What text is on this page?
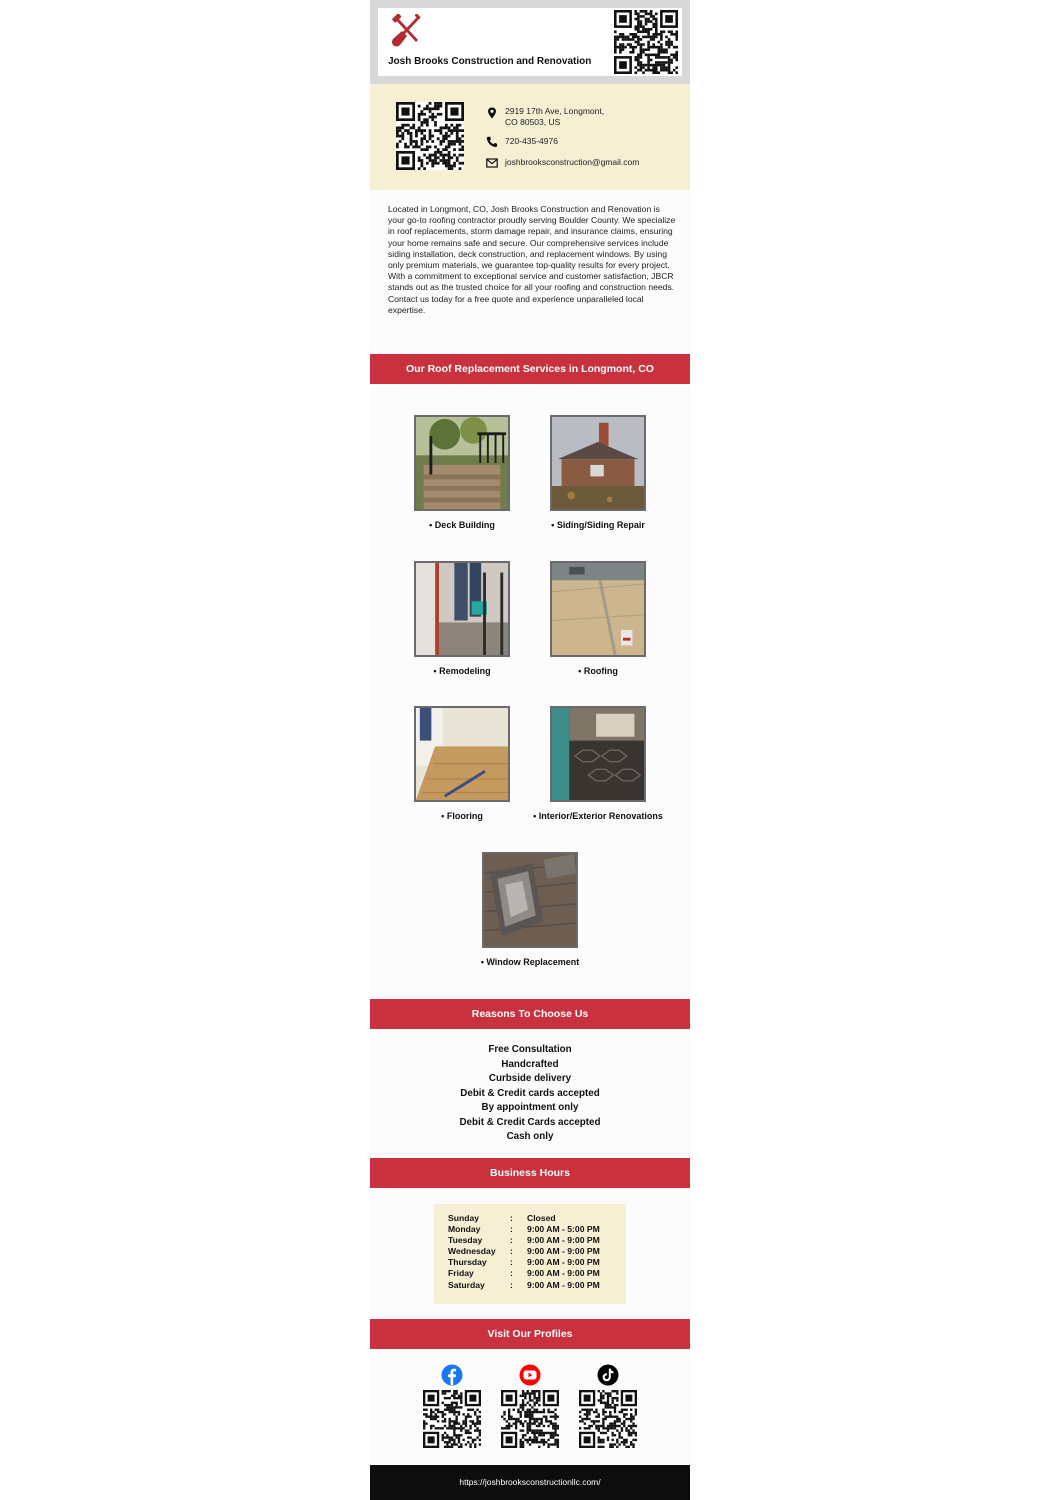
Josh Brooks Construction and Renovation
2919 17th Ave, Longmont,
CO 80503, US
720-435-4976
joshbrooksconstruction@gmail.com

Located in Longmont, CO, Josh Brooks Construction and Renovation is your go-to roofing contractor proudly serving Boulder County. We specialize in roof replacements, storm damage repair, and insurance claims, ensuring your home remains safe and secure. Our comprehensive services include siding installation, deck construction, and replacement windows. By using only premium materials, we guarantee top-quality results for every project. With a commitment to exceptional service and customer satisfaction, JBCR stands out as the trusted choice for all your roofing and construction needs. Contact us today for a free quote and experience unparalleled local expertise.

Our Roof Replacement Services in Longmont, CO
• Deck Building	• Siding/Siding Repair
• Remodeling	• Roofing
• Flooring	• Interior/Exterior Renovations
• Window Replacement
Reasons To Choose Us
Free Consultation
Handcrafted
Curbside delivery
Debit & Credit cards accepted
By appointment only
Debit & Credit Cards accepted
Cash only
Business Hours
Sunday	:	Closed
Monday	:	9:00 AM - 5:00 PM
Tuesday	:	9:00 AM - 9:00 PM
Wednesday	:	9:00 AM - 9:00 PM
Thursday	:	9:00 AM - 9:00 PM
Friday	:	9:00 AM - 9:00 PM
Saturday	:	9:00 AM - 9:00 PM
Visit Our Profiles
https://joshbrooksconstructionllc.com/
